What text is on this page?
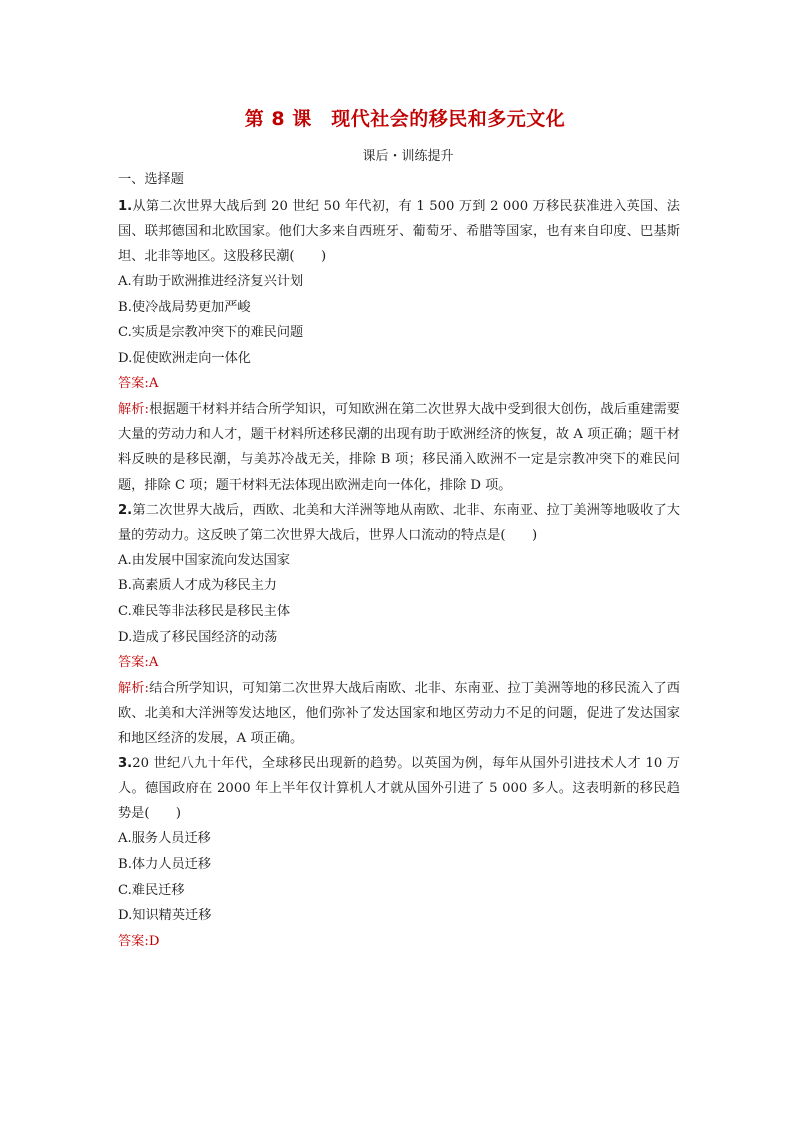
第 8 课　现代社会的移民和多元文化
课后・训练提升
一、选择题

1.从第二次世界大战后到 20 世纪 50 年代初，有 1 500 万到 2 000 万移民获准进入英国、法国、联邦德国和北欧国家。他们大多来自西班牙、葡萄牙、希腊等国家，也有来自印度、巴基斯坦、北非等地区。这股移民潮(　　)

A.有助于欧洲推进经济复兴计划

B.使冷战局势更加严峻

C.实质是宗教冲突下的难民问题

D.促使欧洲走向一体化

答案:A

解析:根据题干材料并结合所学知识，可知欧洲在第二次世界大战中受到很大创伤，战后重建需要大量的劳动力和人才，题干材料所述移民潮的出现有助于欧洲经济的恢复，故 A 项正确；题干材料反映的是移民潮，与美苏冷战无关，排除 B 项；移民涌入欧洲不一定是宗教冲突下的难民问题，排除 C 项；题干材料无法体现出欧洲走向一体化，排除 D 项。

2.第二次世界大战后，西欧、北美和大洋洲等地从南欧、北非、东南亚、拉丁美洲等地吸收了大量的劳动力。这反映了第二次世界大战后，世界人口流动的特点是(　　)

A.由发展中国家流向发达国家

B.高素质人才成为移民主力

C.难民等非法移民是移民主体

D.造成了移民国经济的动荡

答案:A

解析:结合所学知识，可知第二次世界大战后南欧、北非、东南亚、拉丁美洲等地的移民流入了西欧、北美和大洋洲等发达地区，他们弥补了发达国家和地区劳动力不足的问题，促进了发达国家和地区经济的发展，A 项正确。

3.20 世纪八九十年代，全球移民出现新的趋势。以英国为例，每年从国外引进技术人才 10 万人。德国政府在 2000 年上半年仅计算机人才就从国外引进了 5 000 多人。这表明新的移民趋势是(　　)

A.服务人员迁移

B.体力人员迁移

C.难民迁移

D.知识精英迁移

答案:D
